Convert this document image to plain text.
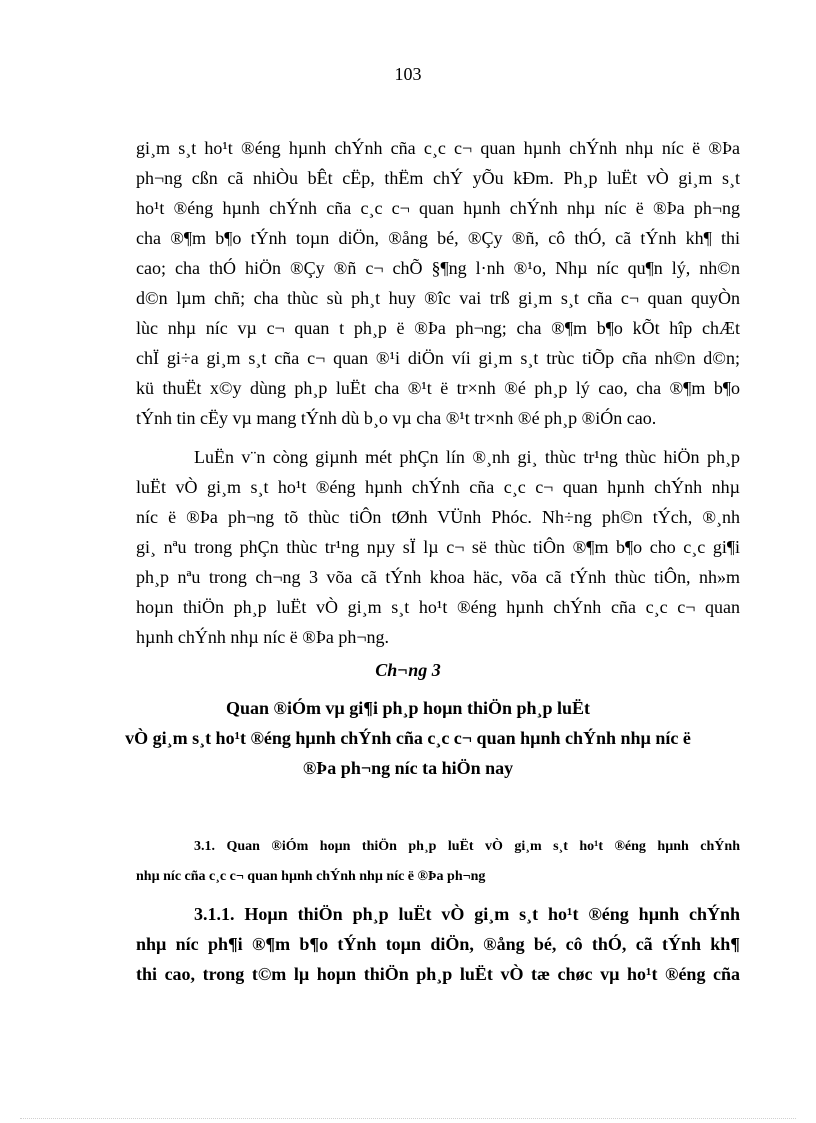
103
gi¸m s¸t ho¹t ®éng hµnh chÝnh cña c¸c c¬ quan hµnh chÝnh nhµ níc ë ®Þa
ph¬ng cßn cã nhiÒu bÊt cËp, thËm chÝ yÕu kÐm. Ph¸p luËt vÒ gi¸m s¸t
ho¹t ®éng hµnh chÝnh cña c¸c c¬ quan hµnh chÝnh nhµ níc ë ®Þa ph¬ng
cha ®¶m b¶o tÝnh toµn diÖn, ®ång bé, ®Çy ®ñ, cô thÓ, cã tÝnh kh¶ thi
cao; cha thÓ hiÖn ®Çy ®ñ c¬ chÕ §¶ng l·nh ®¹o, Nhµ níc qu¶n lý, nh©n
d©n lµm chñ; cha thùc sù ph¸t huy ®îc vai trß gi¸m s¸t cña c¬ quan quyÒn
lùc nhµ níc vµ c¬ quan t ph¸p ë ®Þa ph¬ng; cha ®¶m b¶o kÕt hîp chÆt
chÏ gi÷a gi¸m s¸t cña c¬ quan ®¹i diÖn víi gi¸m s¸t trùc tiÕp cña nh©n d©n;
kü thuËt x©y dùng ph¸p luËt cha ®¹t ë tr×nh ®é ph¸p lý cao, cha ®¶m b¶o
tÝnh tin cËy vµ mang tÝnh dù b¸o vµ cha ®¹t tr×nh ®é ph¸p ®iÓn cao.
LuËn v¨n còng giµnh mét phÇn lín ®¸nh gi¸ thùc tr¹ng thùc hiÖn ph¸p
luËt vÒ gi¸m s¸t ho¹t ®éng hµnh chÝnh cña c¸c c¬ quan hµnh chÝnh nhµ
níc ë ®Þa ph¬ng tõ thùc tiÔn tØnh VÜnh Phóc. Nh÷ng ph©n tÝch, ®¸nh
gi¸ nªu trong phÇn thùc tr¹ng nµy sÏ lµ c¬ së thùc tiÔn ®¶m b¶o cho c¸c gi¶i
ph¸p nªu trong ch¬ng 3 võa cã tÝnh khoa häc, võa cã tÝnh thùc tiÔn, nh»m
hoµn thiÖn ph¸p luËt vÒ gi¸m s¸t ho¹t ®éng hµnh chÝnh cña c¸c c¬ quan
hµnh chÝnh nhµ níc ë ®Þa ph¬ng.
Ch¬ng 3
Quan ®iÓm vµ gi¶i ph¸p hoµn thiÖn ph¸p luËt
vÒ gi¸m s¸t ho¹t ®éng hµnh chÝnh cña c¸c c¬ quan hµnh chÝnh nhµ níc ë
®Þa ph¬ng níc ta hiÖn nay
3.1. Quan ®iÓm hoµn thiÖn ph¸p luËt vÒ gi¸m s¸t ho¹t ®éng hµnh chÝnh
nhµ níc cña c¸c c¬ quan hµnh chÝnh nhµ níc ë ®Þa ph¬ng
3.1.1. Hoµn thiÖn ph¸p luËt vÒ gi¸m s¸t ho¹t ®éng hµnh chÝnh
nhµ níc ph¶i ®¶m b¶o tÝnh toµn diÖn, ®ång bé, cô thÓ, cã tÝnh kh¶
thi cao, trong t©m lµ hoµn thiÖn ph¸p luËt vÒ tæ chøc vµ ho¹t ®éng cña
